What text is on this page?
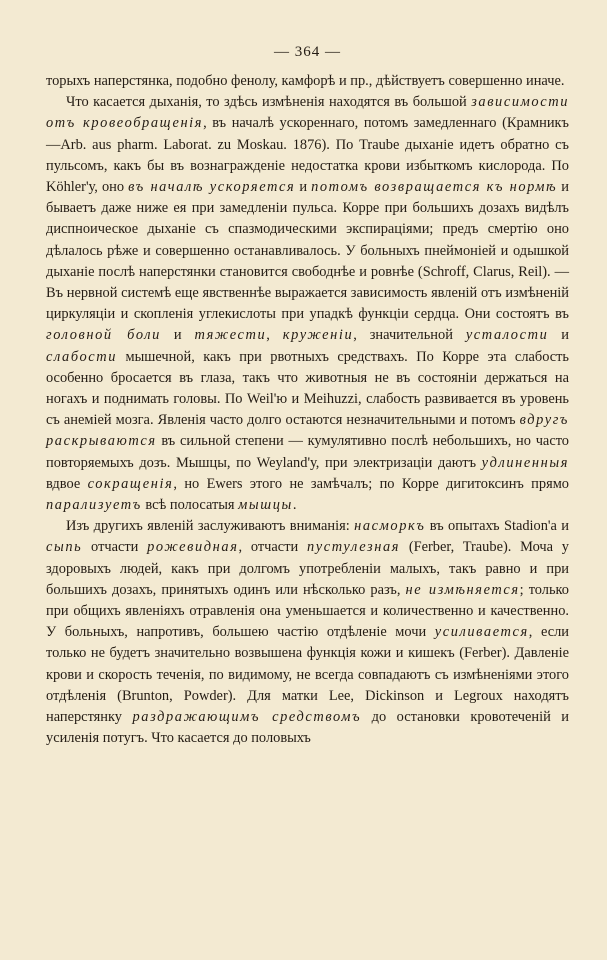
— 364 —

торыхъ наперстянка, подобно фенолу, камфорѣ и пр., дѣйствуетъ совершенно иначе.

Что касается дыханія, то здѣсь измѣненія находятся въ большой зависимости отъ кровеобращенія, въ началѣ ускореннаго, потомъ замедленнаго (Крамникъ—Arb. aus pharm. Laborat. zu Moskau. 1876). По Traube дыханіе идетъ обратно съ пульсомъ, какъ бы въ вознагражденіе недостатка крови избыткомъ кислорода. По Köhler'у, оно въ началѣ ускоряется и потомъ возвращается къ нормѣ и бываетъ даже ниже ея при замедленіи пульса. Корре при большихъ дозахъ видѣлъ диспноическое дыханіе съ спазмодическими экспираціями; предъ смертію оно дѣлалось рѣже и совершенно останавливалось. У больныхъ пнеймоніей и одышкой дыханіе послѣ наперстянки становится свободнѣе и ровнѣе (Schroff, Clarus, Reil). — Въ нервной системѣ еще явственнѣе выражается зависимость явленій отъ измѣненій циркуляціи и скопленія углекислоты при упадкѣ функціи сердца. Они состоятъ въ головной боли и тяжести, круженіи, значительной усталости и слабости мышечной, какъ при рвотныхъ средствахъ. По Корре эта слабость особенно бросается въ глаза, такъ что животныя не въ состояніи держаться на ногахъ и поднимать головы. По Weil'ю и Meihuzzi, слабость развивается въ уровень съ анеміей мозга. Явленія часто долго остаются незначительными и потомъ вдругъ раскрываются въ сильной степени — кумулятивно послѣ небольшихъ, но часто повторяемыхъ дозъ. Мышцы, по Weyland'у, при электризаціи даютъ удлиненныя вдвое сокращенія, но Ewers этого не замѣчалъ; по Корре дигитоксинъ прямо парализуетъ всѣ полосатыя мышцы.

Изъ другихъ явленій заслуживаютъ вниманія: насморкъ въ опытахъ Stadion'а и сыпь отчасти рожевидная, отчасти пустулезная (Ferber, Traube). Моча у здоровыхъ людей, какъ при долгомъ употребленіи малыхъ, такъ равно и при большихъ дозахъ, принятыхъ одинъ или нѣсколько разъ, не измѣняется; только при общихъ явленіяхъ отравленія она уменьшается и количественно и качественно. У больныхъ, напротивъ, большею частію отдѣленіе мочи усиливается, если только не будетъ значительно возвышена функція кожи и кишекъ (Ferber). Давленіе крови и скорость теченія, по видимому, не всегда совпадаютъ съ измѣненіями этого отдѣленія (Brunton, Powder). Для матки Lee, Dickinson и Legroux находятъ наперстянку раздражающимъ средствомъ до остановки кровотеченій и усиленія потугъ. Что касается до половыхъ
